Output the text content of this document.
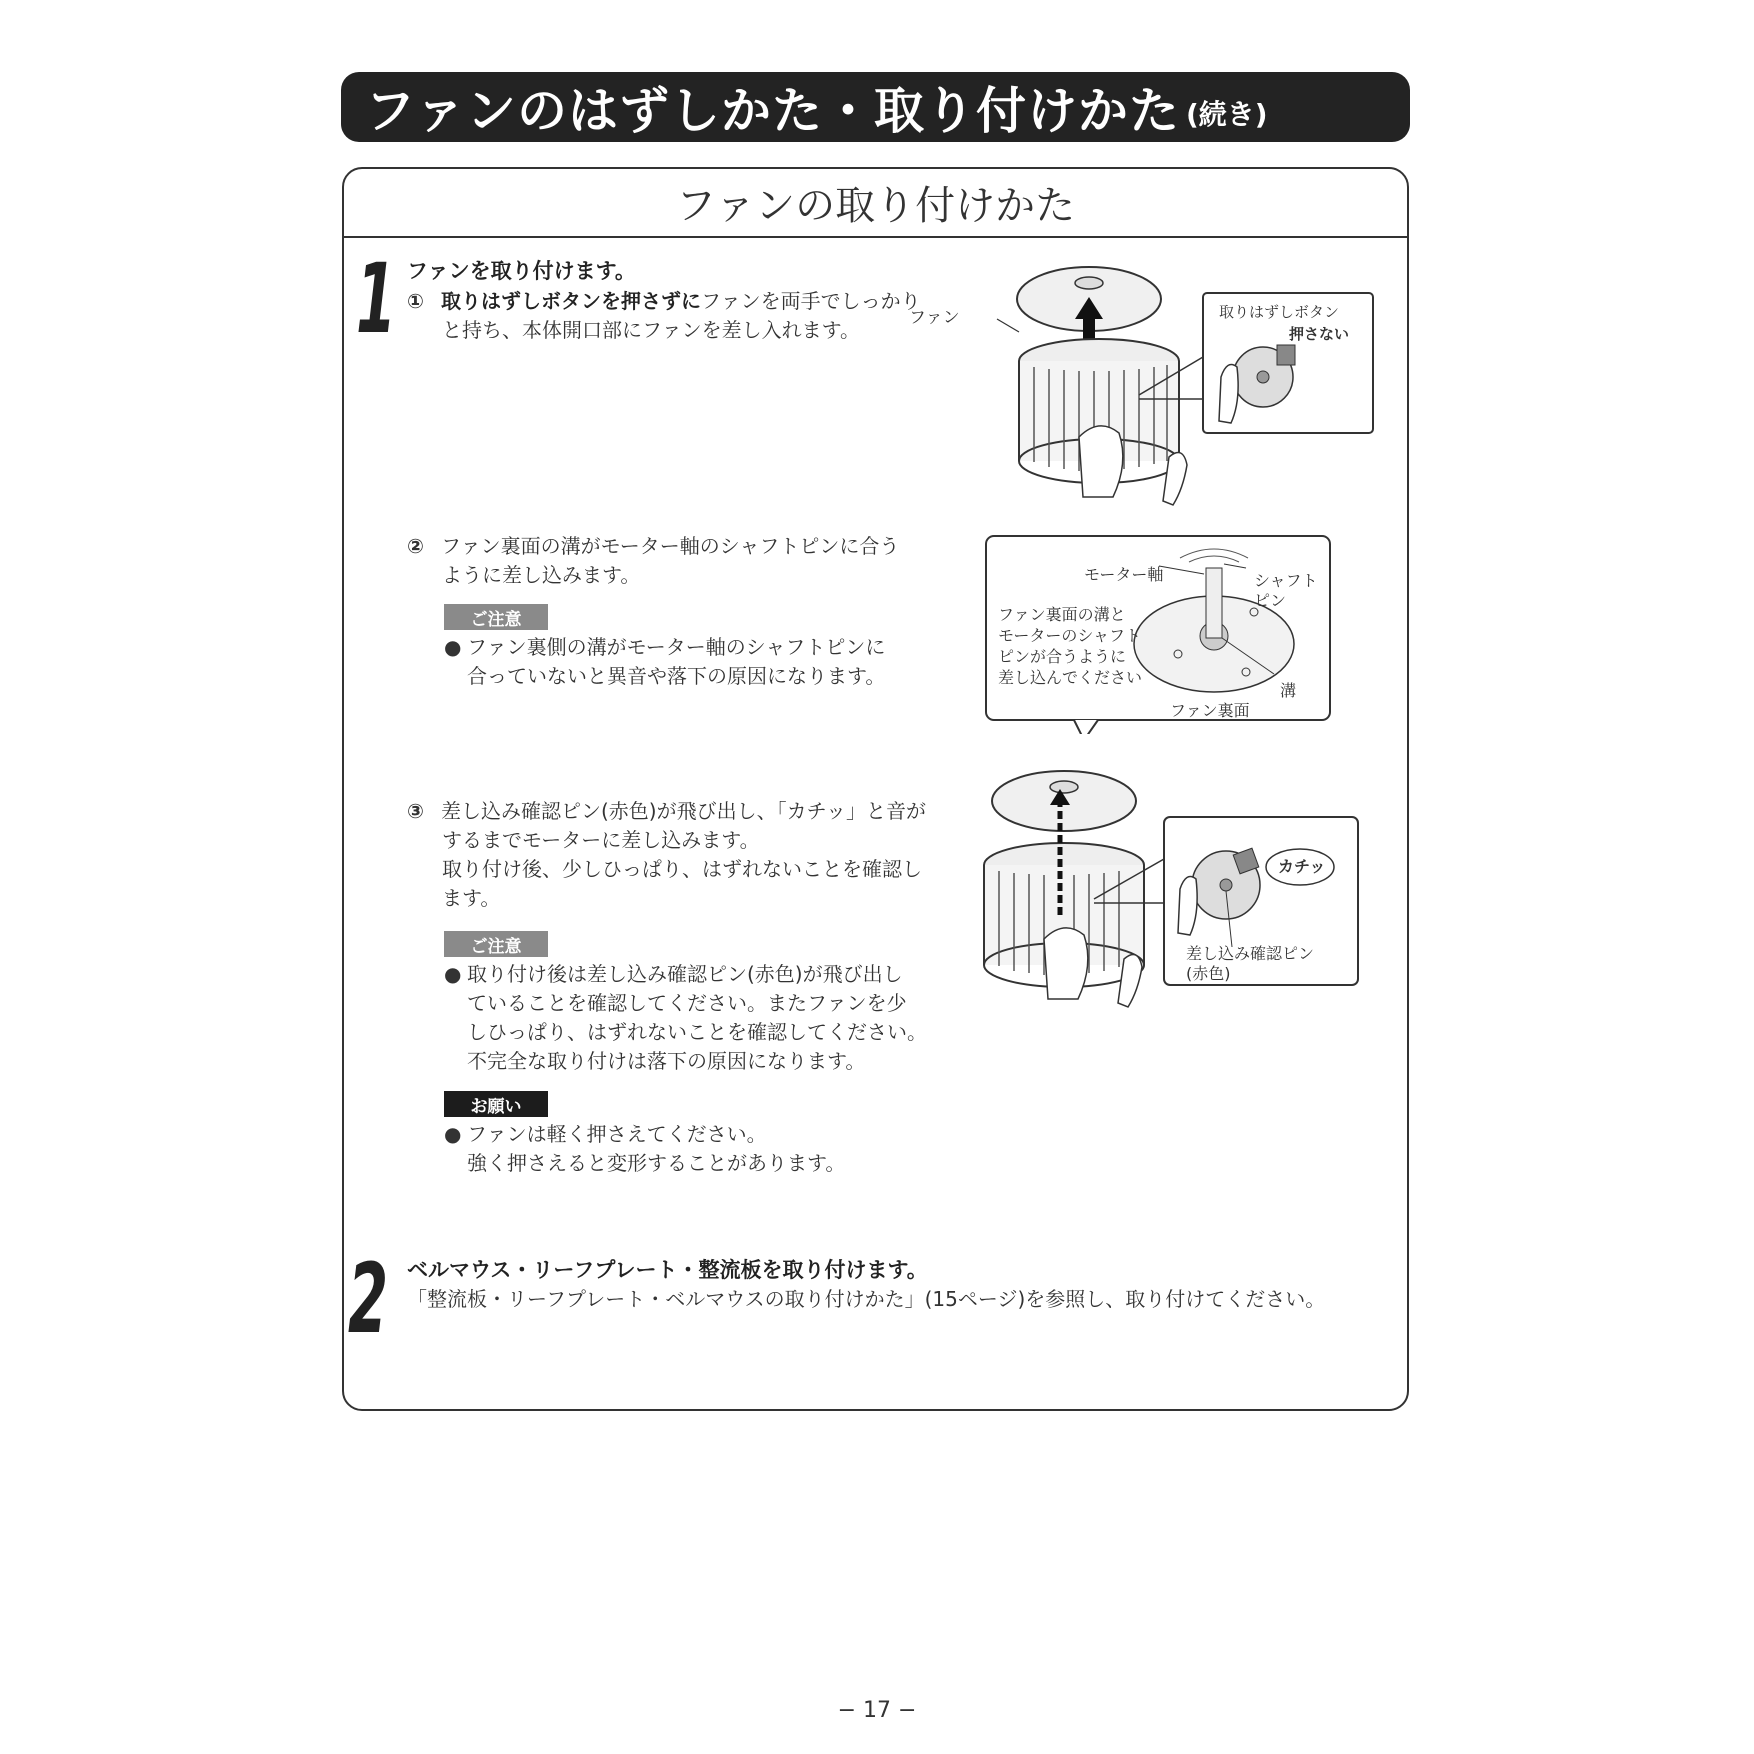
ファンのはずしかた・取り付けかた (続き)
ファンの取り付けかた
1 ファンを取り付けます。
① 取りはずしボタンを押さずにファンを両手でしっかり
と持ち、本体開口部にファンを差し入れます。
② ファン裏面の溝がモーター軸のシャフトピンに合う
ように差し込みます。
ご注意
● ファン裏側の溝がモーター軸のシャフトピンに
合っていないと異音や落下の原因になります。
③ 差し込み確認ピン(赤色)が飛び出し、「カチッ」と音が
するまでモーターに差し込みます。
取り付け後、少しひっぱり、はずれないことを確認し
ます。
ご注意
● 取り付け後は差し込み確認ピン(赤色)が飛び出し
ていることを確認してください。またファンを少
しひっぱり、はずれないことを確認してください。
不完全な取り付けは落下の原因になります。
お願い
● ファンは軽く押さえてください。
強く押さえると変形することがあります。
2 ベルマウス・リーフプレート・整流板を取り付けます。
「整流板・リーフプレート・ベルマウスの取り付けかた」(15ページ)を参照し、取り付けてください。
ファン	取りはずしボタン
押さない
モーター軸	シャフト
ピン
ファン裏面の溝と
モーターのシャフト
ピンが合うように
差し込んでください
溝
ファン裏面
カチッ
差し込み確認ピン
(赤色)
− 17 −
